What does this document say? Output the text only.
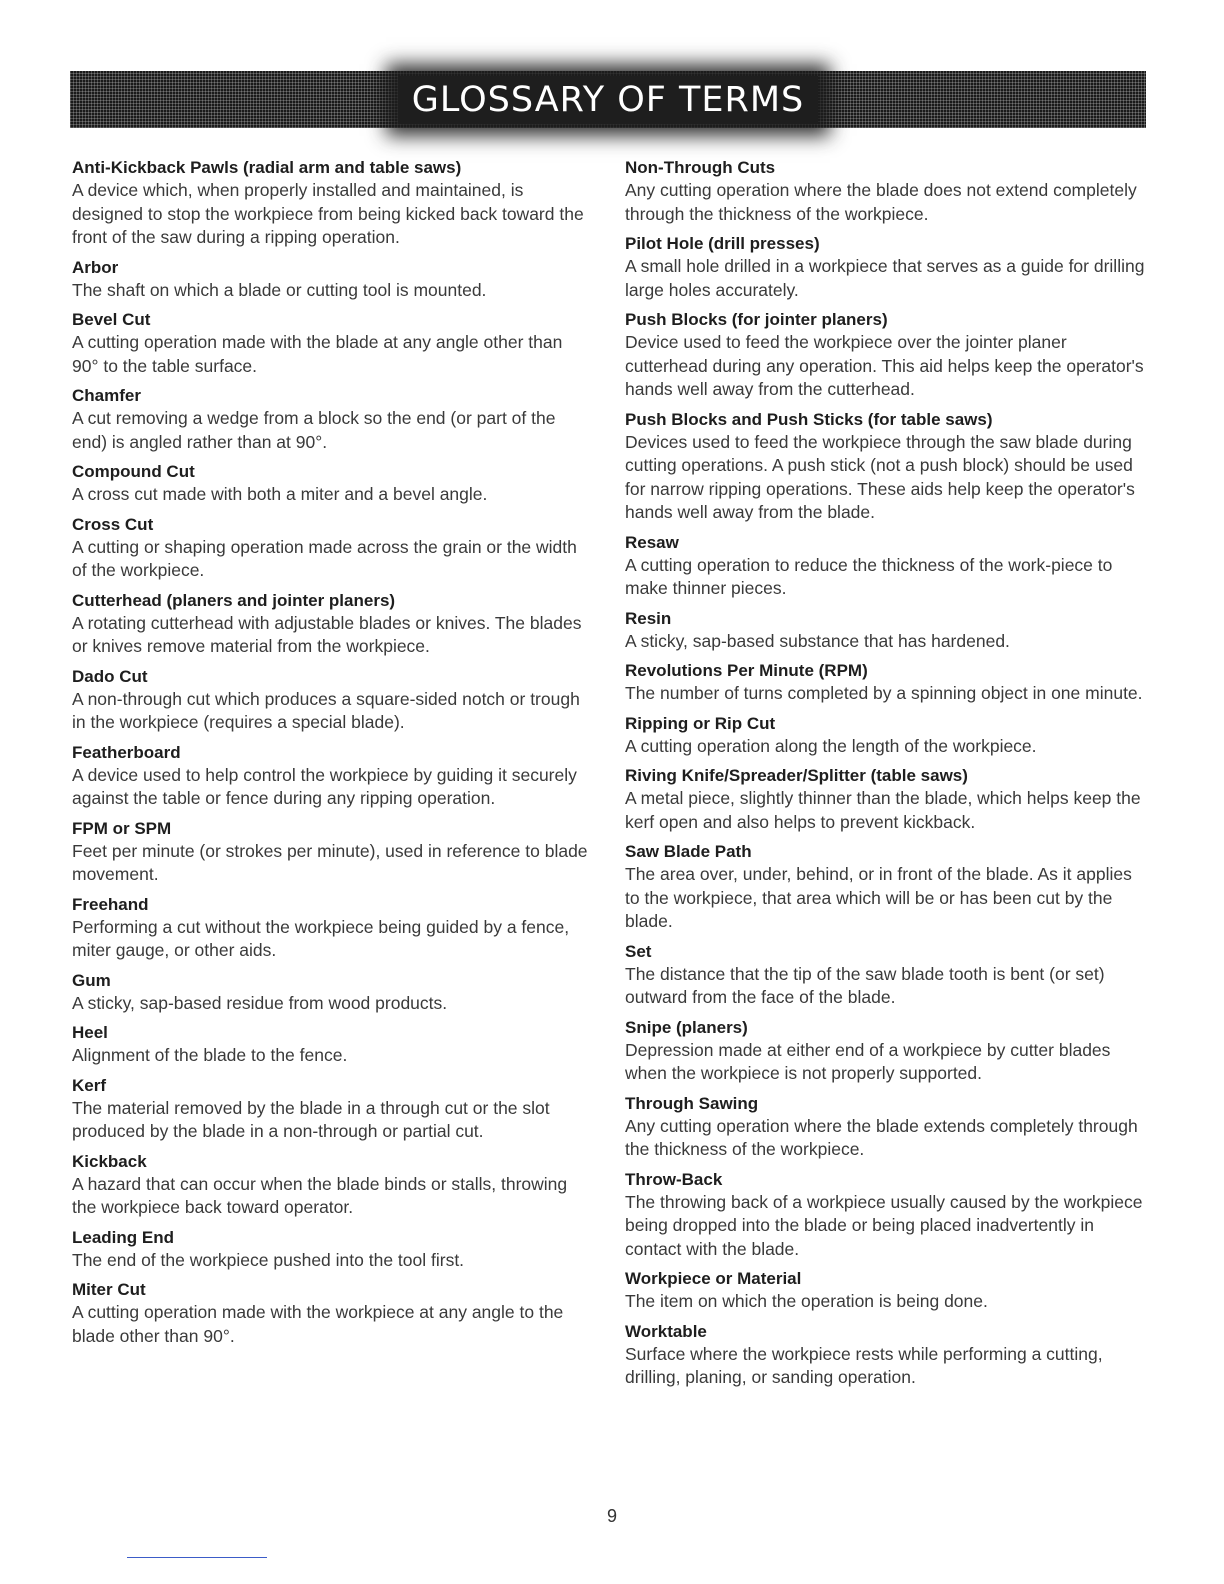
GLOSSARY OF TERMS
Anti-Kickback Pawls (radial arm and table saws)
A device which, when properly installed and maintained, is designed to stop the workpiece from being kicked back toward the front of the saw during a ripping operation.
Arbor
The shaft on which a blade or cutting tool is mounted.
Bevel Cut
A cutting operation made with the blade at any angle other than 90° to the table surface.
Chamfer
A cut removing a wedge from a block so the end (or part of the end) is angled rather than at 90°.
Compound Cut
A cross cut made with both a miter and a bevel angle.
Cross Cut
A cutting or shaping operation made across the grain or the width of the workpiece.
Cutterhead (planers and jointer planers)
A rotating cutterhead with adjustable blades or knives. The blades or knives remove material from the workpiece.
Dado Cut
A non-through cut which produces a square-sided notch or trough in the workpiece (requires a special blade).
Featherboard
A device used to help control the workpiece by guiding it securely against the table or fence during any ripping operation.
FPM or SPM
Feet per minute (or strokes per minute), used in reference to blade movement.
Freehand
Performing a cut without the workpiece being guided by a fence, miter gauge, or other aids.
Gum
A sticky, sap-based residue from wood products.
Heel
Alignment of the blade to the fence.
Kerf
The material removed by the blade in a through cut or the slot produced by the blade in a non-through or partial cut.
Kickback
A hazard that can occur when the blade binds or stalls, throwing the workpiece back toward operator.
Leading End
The end of the workpiece pushed into the tool first.
Miter Cut
A cutting operation made with the workpiece at any angle to the blade other than 90°.
Non-Through Cuts
Any cutting operation where the blade does not extend completely through the thickness of the workpiece.
Pilot Hole (drill presses)
A small hole drilled in a workpiece that serves as a guide for drilling large holes accurately.
Push Blocks (for jointer planers)
Device used to feed the workpiece over the jointer planer cutterhead during any operation. This aid helps keep the operator's hands well away from the cutterhead.
Push Blocks and Push Sticks (for table saws)
Devices used to feed the workpiece through the saw blade during cutting operations. A push stick (not a push block) should be used for narrow ripping operations. These aids help keep the operator's hands well away from the blade.
Resaw
A cutting operation to reduce the thickness of the work-piece to make thinner pieces.
Resin
A sticky, sap-based substance that has hardened.
Revolutions Per Minute (RPM)
The number of turns completed by a spinning object in one minute.
Ripping or Rip Cut
A cutting operation along the length of the workpiece.
Riving Knife/Spreader/Splitter (table saws)
A metal piece, slightly thinner than the blade, which helps keep the kerf open and also helps to prevent kickback.
Saw Blade Path
The area over, under, behind, or in front of the blade. As it applies to the workpiece, that area which will be or has been cut by the blade.
Set
The distance that the tip of the saw blade tooth is bent (or set) outward from the face of the blade.
Snipe (planers)
Depression made at either end of a workpiece by cutter blades when the workpiece is not properly supported.
Through Sawing
Any cutting operation where the blade extends completely through the thickness of the workpiece.
Throw-Back
The throwing back of a workpiece usually caused by the workpiece being dropped into the blade or being placed inadvertently in contact with the blade.
Workpiece or Material
The item on which the operation is being done.
Worktable
Surface where the workpiece rests while performing a cutting, drilling, planing, or sanding operation.
9
